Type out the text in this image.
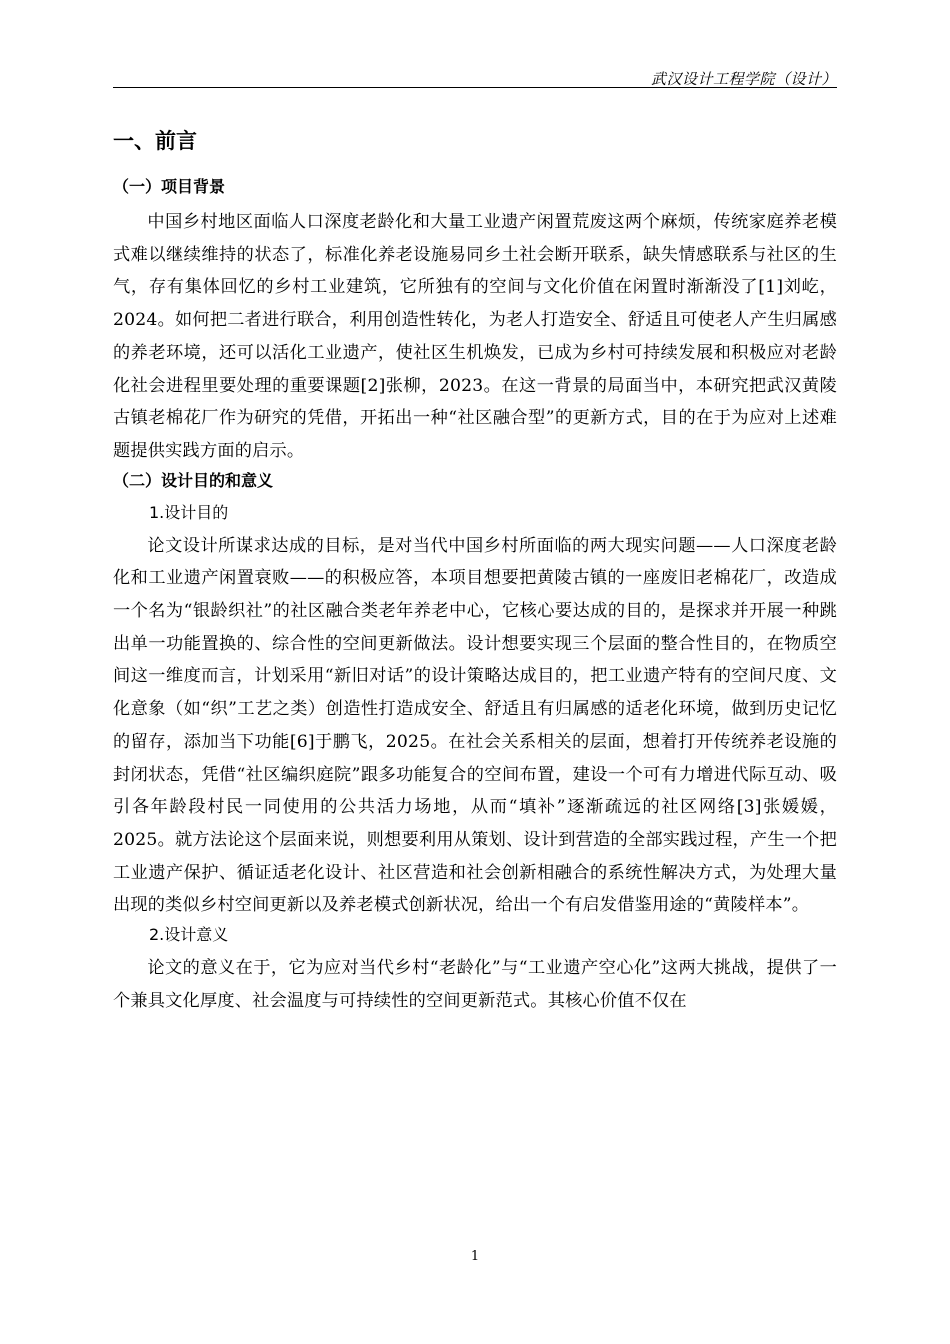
武汉设计工程学院（设计）
一、前言
（一）项目背景

中国乡村地区面临人口深度老龄化和大量工业遗产闲置荒废这两个麻烦，传统家庭养老模式难以继续维持的状态了，标准化养老设施易同乡土社会断开联系，缺失情感联系与社区的生气，存有集体回忆的乡村工业建筑，它所独有的空间与文化价值在闲置时渐渐没了[1]刘屹，2024。如何把二者进行联合，利用创造性转化，为老人打造安全、舒适且可使老人产生归属感的养老环境，还可以活化工业遗产，使社区生机焕发，已成为乡村可持续发展和积极应对老龄化社会进程里要处理的重要课题[2]张柳，2023。在这一背景的局面当中，本研究把武汉黄陵古镇老棉花厂作为研究的凭借，开拓出一种“社区融合型”的更新方式，目的在于为应对上述难题提供实践方面的启示。

（二）设计目的和意义
1.设计目的

论文设计所谋求达成的目标，是对当代中国乡村所面临的两大现实问题——人口深度老龄化和工业遗产闲置衰败——的积极应答，本项目想要把黄陵古镇的一座废旧老棉花厂，改造成一个名为“银龄织社”的社区融合类老年养老中心，它核心要达成的目的，是探求并开展一种跳出单一功能置换的、综合性的空间更新做法。设计想要实现三个层面的整合性目的，在物质空间这一维度而言，计划采用“新旧对话”的设计策略达成目的，把工业遗产特有的空间尺度、文化意象（如“织”工艺之类）创造性打造成安全、舒适且有归属感的适老化环境，做到历史记忆的留存，添加当下功能[6]于鹏飞，2025。在社会关系相关的层面，想着打开传统养老设施的封闭状态，凭借“社区编织庭院”跟多功能复合的空间布置，建设一个可有力增进代际互动、吸引各年龄段村民一同使用的公共活力场地，从而“填补”逐渐疏远的社区网络[3]张媛媛，2025。就方法论这个层面来说，则想要利用从策划、设计到营造的全部实践过程，产生一个把工业遗产保护、循证适老化设计、社区营造和社会创新相融合的系统性解决方式，为处理大量出现的类似乡村空间更新以及养老模式创新状况，给出一个有启发借鉴用途的“黄陵样本”。

2.设计意义

论文的意义在于，它为应对当代乡村“老龄化”与“工业遗产空心化”这两大挑战，提供了一个兼具文化厚度、社会温度与可持续性的空间更新范式。其核心价值不仅在

1
